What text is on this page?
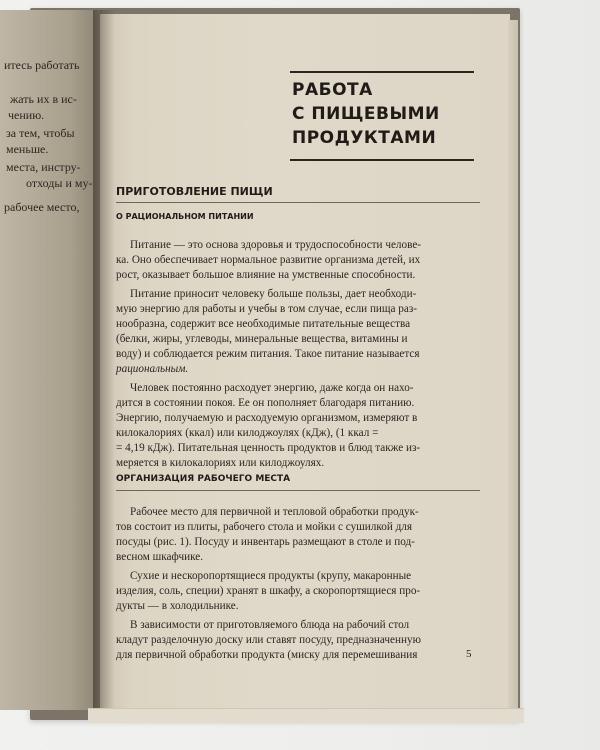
итесь работать
жать их в ис-
чению.
за тем, чтобы
меньше.
места, инстру-
отходы и му-
рабочее место,
РАБОТА
С ПИЩЕВЫМИ
ПРОДУКТАМИ
ПРИГОТОВЛЕНИЕ ПИЩИ
О РАЦИОНАЛЬНОМ ПИТАНИИ
Питание — это основа здоровья и трудоспособности челове-
ка. Оно обеспечивает нормальное развитие организма детей, их
рост, оказывает большое влияние на умственные способности.
Питание приносит человеку больше пользы, дает необходи-
мую энергию для работы и учебы в том случае, если пища раз-
нообразна, содержит все необходимые питательные вещества
(белки, жиры, углеводы, минеральные вещества, витамины и
воду) и соблюдается режим питания. Такое питание называется
рациональным.
Человек постоянно расходует энергию, даже когда он нахо-
дится в состоянии покоя. Ее он пополняет благодаря питанию.
Энергию, получаемую и расходуемую организмом, измеряют в
килокалориях (ккал) или килоджоулях (кДж), (1 ккал =
= 4,19 кДж). Питательная ценность продуктов и блюд также из-
меряется в килокалориях или килоджоулях.
ОРГАНИЗАЦИЯ РАБОЧЕГО МЕСТА
Рабочее место для первичной и тепловой обработки продук-
тов состоит из плиты, рабочего стола и мойки с сушилкой для
посуды (рис. 1). Посуду и инвентарь размещают в столе и под-
весном шкафчике.
Сухие и нескоропортящиеся продукты (крупу, макаронные
изделия, соль, специи) хранят в шкафу, а скоропортящиеся про-
дукты — в холодильнике.
В зависимости от приготовляемого блюда на рабочий стол
кладут разделочную доску или ставят посуду, предназначенную
для первичной обработки продукта (миску для перемешивания	5
